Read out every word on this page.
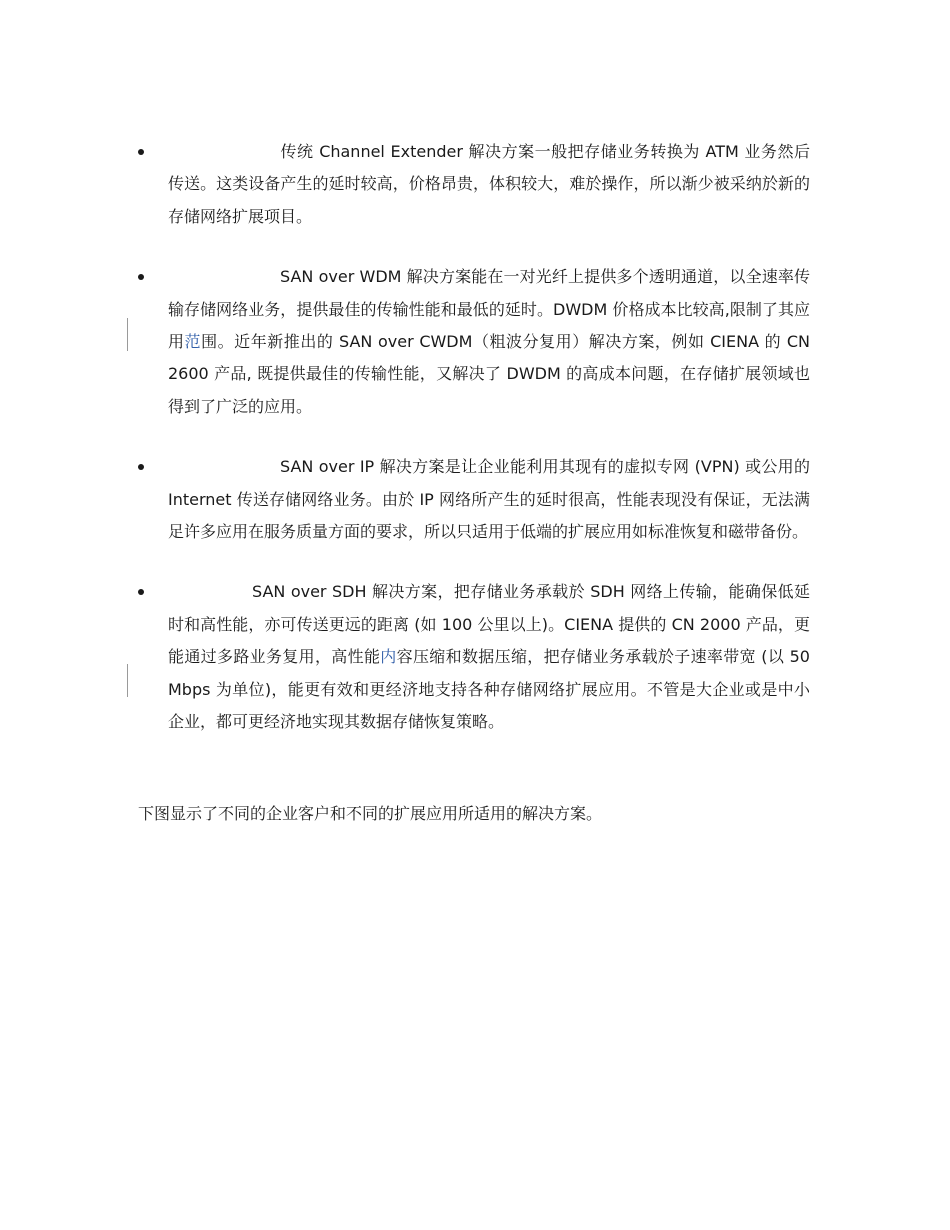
传统 Channel Extender 解决方案一般把存储业务转换为 ATM 业务然后传送。这类设备产生的延时较高，价格昂贵，体积较大，难於操作，所以渐少被采纳於新的存储网络扩展项目。
SAN over WDM 解决方案能在一对光纤上提供多个透明通道，以全速率传输存储网络业务，提供最佳的传输性能和最低的延时。DWDM 价格成本比较高,限制了其应用范围。近年新推出的 SAN over CWDM（粗波分复用）解决方案，例如 CIENA 的 CN 2600 产品, 既提供最佳的传输性能，又解决了 DWDM 的高成本问题，在存储扩展领域也得到了广泛的应用。
SAN over IP 解决方案是让企业能利用其现有的虚拟专网 (VPN) 或公用的 Internet 传送存储网络业务。由於 IP 网络所产生的延时很高，性能表现没有保证，无法满足许多应用在服务质量方面的要求，所以只适用于低端的扩展应用如标准恢复和磁带备份。
SAN over SDH 解决方案，把存储业务承载於 SDH 网络上传输，能确保低延时和高性能，亦可传送更远的距离 (如 100 公里以上)。CIENA 提供的 CN 2000 产品，更能通过多路业务复用，高性能内容压缩和数据压缩，把存储业务承载於子速率带宽 (以 50 Mbps 为单位)，能更有效和更经济地支持各种存储网络扩展应用。不管是大企业或是中小企业，都可更经济地实现其数据存储恢复策略。

下图显示了不同的企业客户和不同的扩展应用所适用的解决方案。
